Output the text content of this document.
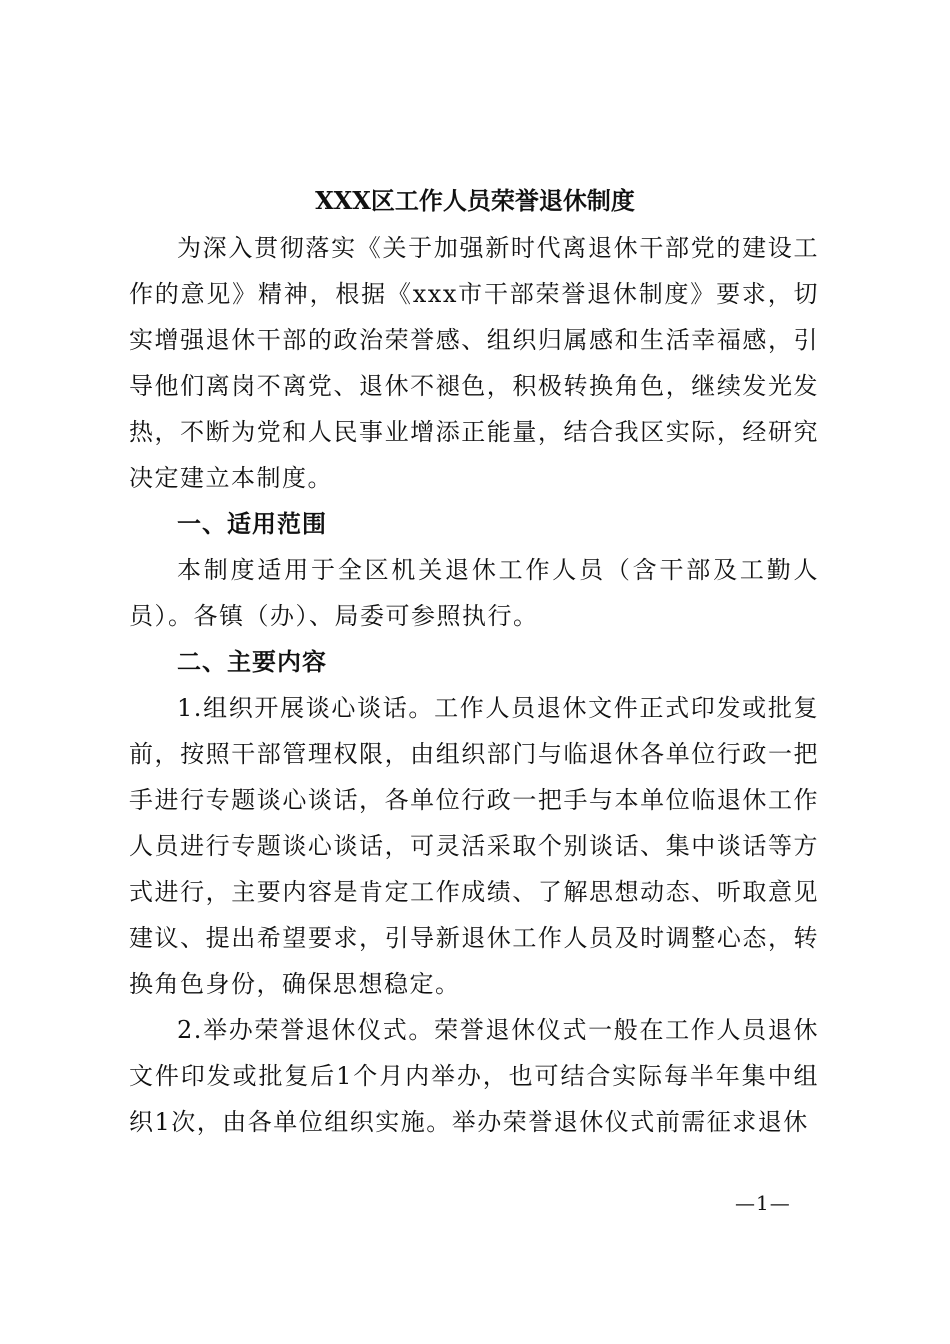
XXX区工作人员荣誉退休制度

为深入贯彻落实《关于加强新时代离退休干部党的建设工作的意见》精神，根据《xxx市干部荣誉退休制度》要求，切实增强退休干部的政治荣誉感、组织归属感和生活幸福感，引导他们离岗不离党、退休不褪色，积极转换角色，继续发光发热，不断为党和人民事业增添正能量，结合我区实际，经研究决定建立本制度。

一、适用范围

本制度适用于全区机关退休工作人员（含干部及工勤人员）。各镇（办）、局委可参照执行。

二、主要内容

1.组织开展谈心谈话。工作人员退休文件正式印发或批复前，按照干部管理权限，由组织部门与临退休各单位行政一把手进行专题谈心谈话，各单位行政一把手与本单位临退休工作人员进行专题谈心谈话，可灵活采取个别谈话、集中谈话等方式进行，主要内容是肯定工作成绩、了解思想动态、听取意见建议、提出希望要求，引导新退休工作人员及时调整心态，转换角色身份，确保思想稳定。

2.举办荣誉退休仪式。荣誉退休仪式一般在工作人员退休文件印发或批复后1个月内举办，也可结合实际每半年集中组织1次，由各单位组织实施。举办荣誉退休仪式前需征求退休

—1—
